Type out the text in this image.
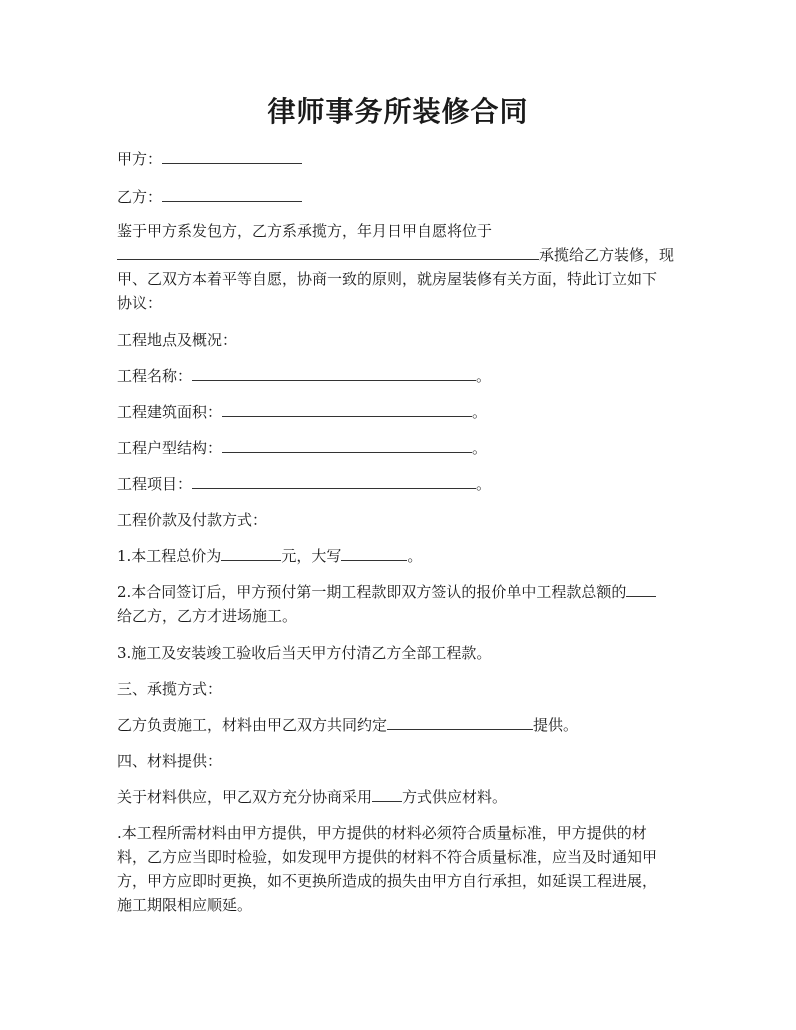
律师事务所装修合同
甲方：
乙方：
鉴于甲方系发包方，乙方系承揽方，年月日甲自愿将位于
承揽给乙方装修，现
甲、乙双方本着平等自愿，协商一致的原则，就房屋装修有关方面，特此订立如下
协议：
工程地点及概况：
工程名称：	。
工程建筑面积：	。
工程户型结构：	。
工程项目：	。
工程价款及付款方式：
1.本工程总价为	元，大写	。
2.本合同签订后，甲方预付第一期工程款即双方签认的报价单中工程款总额的
给乙方，乙方才进场施工。
3.施工及安装竣工验收后当天甲方付清乙方全部工程款。
三、承揽方式：
乙方负责施工，材料由甲乙双方共同约定	提供。
四、材料提供：
关于材料供应，甲乙双方充分协商采用 方式供应材料。
.本工程所需材料由甲方提供，甲方提供的材料必须符合质量标准，甲方提供的材
料，乙方应当即时检验，如发现甲方提供的材料不符合质量标准，应当及时通知甲
方，甲方应即时更换，如不更换所造成的损失由甲方自行承担，如延误工程进展，
施工期限相应顺延。
